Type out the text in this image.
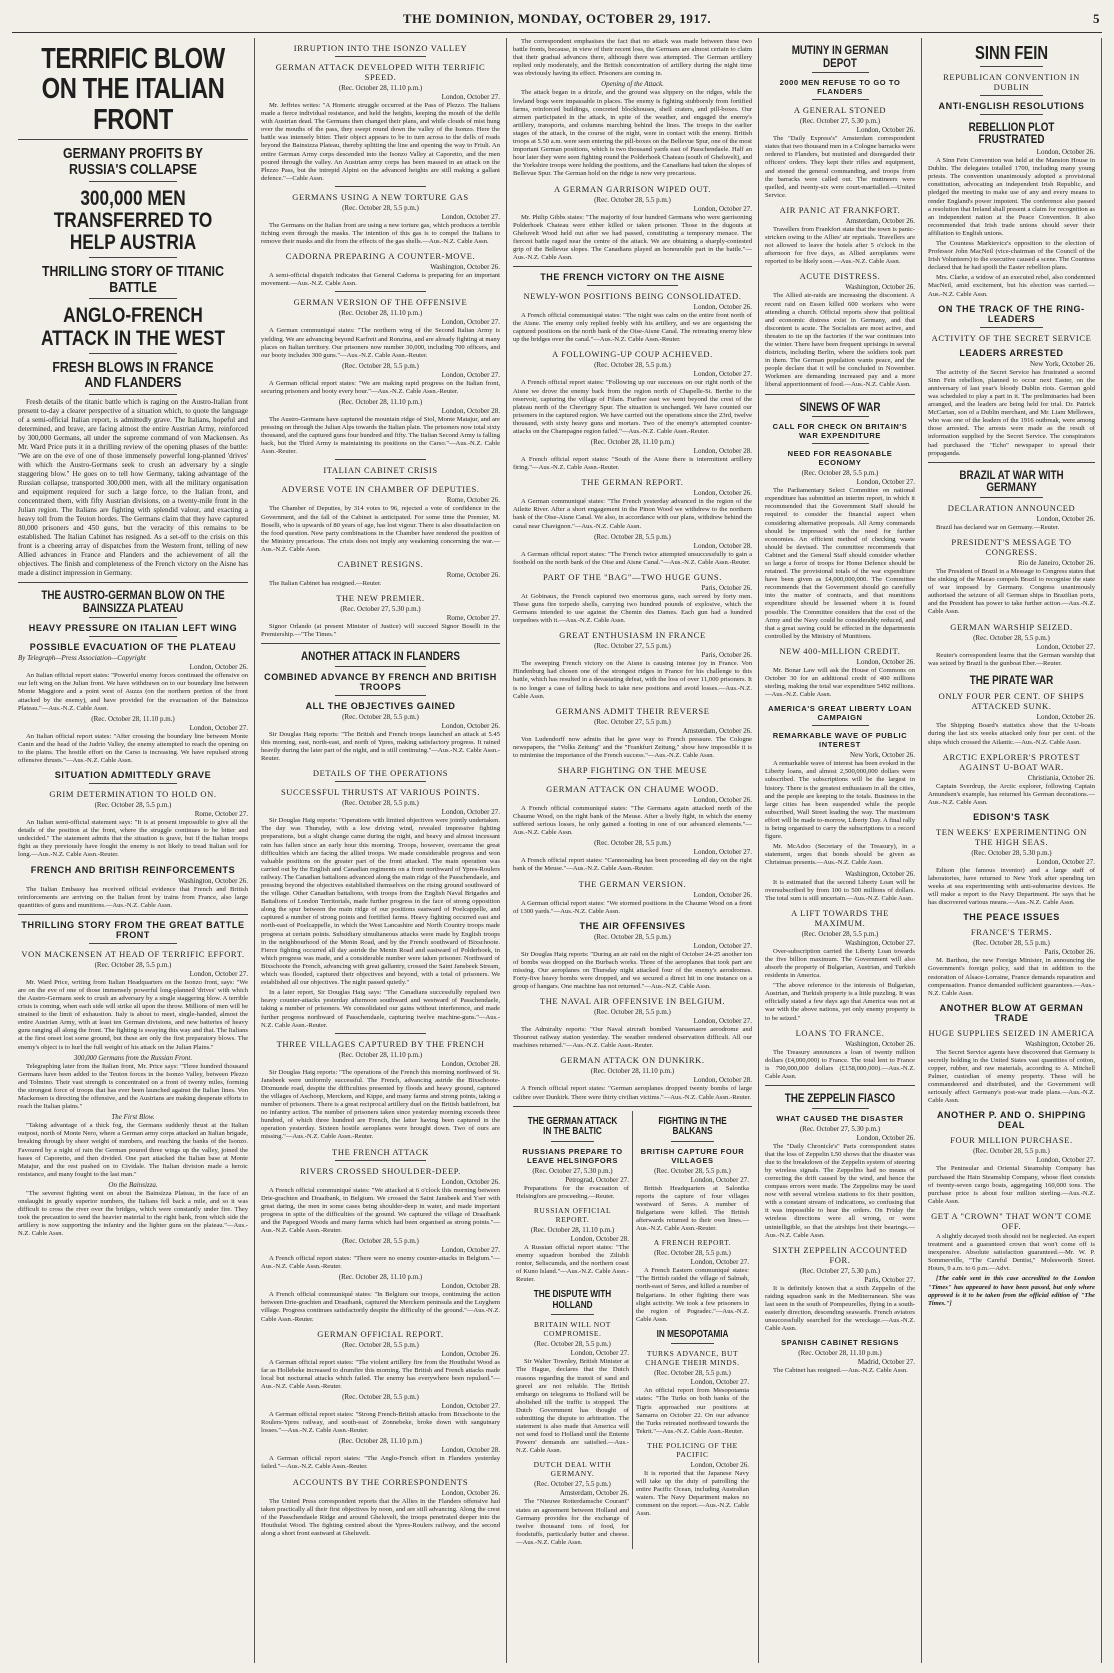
THE DOMINION, MONDAY, OCTOBER 29, 1917.	5
TERRIFIC BLOW ON THE ITALIAN FRONT
GERMANY PROFITS BY RUSSIA'S COLLAPSE
300,000 MEN TRANSFERRED TO HELP AUSTRIA
THRILLING STORY OF TITANIC BATTLE
ANGLO-FRENCH ATTACK IN THE WEST
FRESH BLOWS IN FRANCE AND FLANDERS

Fresh details of the titanic battle which is raging on the Austro-Italian front present to-day a clearer perspective of a situation which, to quote the language of a semi-official Italian report, is admittedly grave. The Italians, hopeful and determined, and brave, are facing almost the entire Austrian Army, reinforced by 300,000 Germans, all under the supreme command of von Mackensen. As Mr. Ward Price puts it in a thrilling review of the opening phases of the battle: "We are on the eve of one of those immensely powerful long-planned 'drives' with which the Austro-Germans seek to crush an adversary by a single staggering blow." He goes on to tell how Germany, taking advantage of the Russian collapse, transported 300,000 men, with all the military organisation and equipment required for such a large force, to the Italian front, and concentrated them, with fifty Austrian divisions, on a twenty-mile front in the Julian region. The Italians are fighting with splendid valour, and exacting a heavy toll from the Teuton hordes. The Germans claim that they have captured 80,000 prisoners and 450 guns, but the veracity of this remains to be established. The Italian Cabinet has resigned. As a set-off to the crisis on this front is a cheering array of dispatches from the Western front, telling of new Allied advances in France and Flanders and the achievement of all the objectives. The finish and completeness of the French victory on the Aisne has made a distinct impression in Germany.

THE AUSTRO-GERMAN BLOW ON THE BAINSIZZA PLATEAU
HEAVY PRESSURE ON ITALIAN LEFT WING
POSSIBLE EVACUATION OF THE PLATEAU
By Telegraph—Press Association—Copyright
London, October 26.

An Italian official report states: "Powerful enemy forces continued the offensive on our left wing on the Julian front. We have withdrawn on to our boundary line between Monte Maggiore and a point west of Auzza (on the northern portion of the front attacked by the enemy), and have provided for the evacuation of the Bainsizza Plateau."—Aus.-N.Z. Cable Assn.

(Rec. October 28, 11.10 p.m.)
London, October 27.

An Italian official report states: "After crossing the boundary line between Monte Canin and the head of the Judrio Valley, the enemy attempted to reach the opening on to the plains. The hostile effort on the Carso is increasing. We have repulsed strong offensive thrusts."—Aus.-N.Z. Cable Assn.

SITUATION ADMITTEDLY GRAVE
GRIM DETERMINATION TO HOLD ON.
(Rec. October 28, 5.5 p.m.)
Rome, October 27.

An Italian semi-official statement says: "It is at present impossible to give all the details of the position at the front, where the struggle continues to be bitter and undecided." The statement admits that the situation is grave, but if the Italian troops fight as they previously have fought the enemy is not likely to tread Italian soil for long.—Aus.-N.Z. Cable Assn.-Reuter.

FRENCH AND BRITISH REINFORCEMENTS
Washington, October 26.

The Italian Embassy has received official evidence that French and British reinforcements are arriving on the Italian front by trains from France, also large quantities of guns and munitions.—Aus.-N.Z. Cable Assn.

THRILLING STORY FROM THE GREAT BATTLE FRONT
VON MACKENSEN AT HEAD OF TERRIFIC EFFORT.
(Rec. October 28, 5.5 p.m.)
London, October 27.

Mr. Ward Price, writing from Italian Headquarters on the Isonzo front, says: "We are on the eve of one of those immensely powerful long-planned 'drives' with which the Austro-Germans seek to crush an adversary by a single staggering blow. A terrible crisis is coming, when each side will strike all upon the throw. Millions of men will be strained to the limit of exhaustion. Italy is about to meet, single-handed, almost the entire Austrian Army, with at least ten German divisions, and new batteries of heavy guns ranging all along the front. The fighting is swaying this way and that. The Italians at the first onset lost some ground, but these are only the first preparatory blows. The enemy's object is to hurl the full weight of his attack on the Julian Plains."

300,000 Germans from the Russian Front.

Telegraphing later from the Italian front, Mr. Price says: "Three hundred thousand Germans have been added to the Teuton forces in the Isonzo Valley, between Plezzo and Tolmino. Their vast strength is concentrated on a front of twenty miles, forming the strongest force of troops that has ever been launched against the Italian lines. Von Mackensen is directing the offensive, and the Austrians are making desperate efforts to reach the Italian plains."

The First Blow.

"Taking advantage of a thick fog, the Germans suddenly thrust at the Italian outpost, north of Monte Nero, where a German army corps attacked an Italian brigade, breaking through by sheer weight of numbers, and reaching the banks of the Isonzo. Favoured by a night of rain the German poured three wings up the valley, joined the bases of Caporetto, and then divided. One part attacked the Italian base at Monte Matajur, and the rest pushed on to Cividale. The Italian division made a heroic resistance, and many fought to the last man."

On the Bainsizza.

"The severest fighting went on about the Bainsizza Plateau, in the face of an onslaught in greatly superior numbers, the Italians fell back a mile, and so it was difficult to cross the river over the bridges, which were constantly under fire. They took the precaution to send the heavier material to the right bank, from which side the artillery is now supporting the infantry and the lighter guns on the plateau."—Aus.-N.Z. Cable Assn.

IRRUPTION INTO THE ISONZO VALLEY
GERMAN ATTACK DEVELOPED WITH TERRIFIC SPEED.
(Rec. October 28, 11.10 p.m.)
London, October 27.

Mr. Jeffries writes: "A Homeric struggle occurred at the Pass of Plezzo. The Italians made a fierce individual resistance, and held the heights, keeping the mouth of the defile with Austrian dead. The Germans then changed their plans, and while clouds of mist hung over the mouths of the pass, they swept round down the valley of the Isonzo. Here the battle was intensely bitter. Their object appears to be to turn across to the dells of roads beyond the Bainsizza Plateau, thereby splitting the line and opening the way to Friuli. An entire German Army corps descended into the Isonzo Valley at Caporetto, and the men poured through the valley. An Austrian army corps has been massed in an attack on the Plezzo Pass, but the intrepid Alpini on the advanced heights are still making a gallant defence."—Cable Assn.

GERMANS USING A NEW TORTURE GAS
(Rec. October 28, 5.5 p.m.)
London, October 27.

The Germans on the Italian front are using a new torture gas, which produces a terrible itching even through the masks. The intention of this gas is to compel the Italians to remove their masks and die from the effects of the gas shells.—Aus.-N.Z. Cable Assn.

CADORNA PREPARING A COUNTER-MOVE.
Washington, October 26.

A semi-official dispatch indicates that General Cadorna is preparing for an important movement.—Aus.-N.Z. Cable Assn.

GERMAN VERSION OF THE OFFENSIVE
(Rec. October 28, 11.10 p.m.)
London, October 27.

A German communiqué states: "The northern wing of the Second Italian Army is yielding. We are advancing beyond Karfreit and Ronzina, and are already fighting at many places on Italian territory. Our prisoners now number 30,000, including 700 officers, and our booty includes 300 guns."—Aus.-N.Z. Cable Assn.-Reuter.

(Rec. October 28, 5.5 p.m.)
London, October 27.

A German official report states: "We are making rapid progress on the Italian front, securing prisoners and booty every hour."—Aus.-N.Z. Cable Assn.-Reuter.

(Rec. October 28, 11.10 p.m.)
London, October 28.

The Austro-Germans have captured the mountain ridge of Stol, Monte Matajur, and are pressing on through the Julian Alps towards the Italian plain. The prisoners now total sixty thousand, and the captured guns four hundred and fifty. The Italian Second Army is falling back, but the Third Army is maintaining its positions on the Carso."—Aus.-N.Z. Cable Assn.-Reuter.

ITALIAN CABINET CRISIS
ADVERSE VOTE IN CHAMBER OF DEPUTIES.
Rome, October 26.

The Chamber of Deputies, by 314 votes to 96, rejected a vote of confidence in the Government, and the fall of the Cabinet is anticipated. For some time the Premier, M. Boselli, who is upwards of 80 years of age, has lost vigour. There is also dissatisfaction on the food question. New party combinations in the Chamber have rendered the position of the Ministry precarious. The crisis does not imply any weakening concerning the war.—Aus.-N.Z. Cable Assn.

CABINET RESIGNS.
Rome, October 26.

The Italian Cabinet has resigned.—Reuter.

THE NEW PREMIER.
(Rec. October 27, 5.30 p.m.)
Rome, October 27.

Signor Orlando (at present Minister of Justice) will succeed Signor Boselli in the Premiership.—"The Times."

ANOTHER ATTACK IN FLANDERS
COMBINED ADVANCE BY FRENCH AND BRITISH TROOPS
ALL THE OBJECTIVES GAINED
(Rec. October 28, 5.5 p.m.)
London, October 26.

Sir Douglas Haig reports: "The British and French troops launched an attack at 5.45 this morning, east, north-east, and north of Ypres, making satisfactory progress. It rained heavily during the later part of the night, and is still continuing."—Aus.-N.Z. Cable Assn.-Reuter.

DETAILS OF THE OPERATIONS
SUCCESSFUL THRUSTS AT VARIOUS POINTS.
(Rec. October 28, 5.5 p.m.)
London, October 27.

Sir Douglas Haig reports: "Operations with limited objectives were jointly undertaken. The day was Thursday, with a low driving wind, revealed impressive fighting preparations, but a slight change came during the night, and heavy and almost incessant rain has fallen since an early hour this morning. Troops, however, overcame the great difficulties which are facing the allied troops. We made considerable progress and won valuable positions on the greater part of the front attacked. The main operation was carried out by the English and Canadian regiments on a front northward of Ypres-Roulers railway. The Canadian battalions advanced along the main ridge of the Passchendaele, and pressing beyond the objectives established themselves on the rising ground southward of the village. Other Canadian battalions, with troops from the English Naval Brigades and Battalions of London Territorials, made further progress in the face of strong opposition along the spur between the main ridge of our positions eastward of Poelcappelle, and captured a number of strong points and fortified farms. Heavy fighting occurred east and north-east of Poelcappelle, in which the West Lancashire and North Country troops made progress at certain points. Subsidiary simultaneous attacks were made by English troops in the neighbourhood of the Menin Road, and by the French southward of Bixschoote. Fierce fighting occurred all day astride the Menin Road and eastward of Polderhoek, in which progress was made, and a considerable number were taken prisoner. Northward of Bixschoote the French, advancing with great gallantry, crossed the Saint Jansbeek Stream, which was flooded, captured their objectives and beyond, with a total of prisoners. We established all our objectives. The night passed quietly."

In a later report, Sir Douglas Haig says: "The Canadians successfully repulsed two heavy counter-attacks yesterday afternoon southward and westward of Passchendaele, taking a number of prisoners. We consolidated our gains without interference, and made further progress northward of Passchendaele, capturing twelve machine-guns."—Aus.-N.Z. Cable Assn.-Reuter.

THREE VILLAGES CAPTURED BY THE FRENCH
(Rec. October 28, 11.10 p.m.)
London, October 28.

Sir Douglas Haig reports: "The operations of the French this morning northward of St. Jansbeek were uniformly successful. The French, advancing astride the Bixschoote-Dixmunde road, despite the difficulties presented by floods and heavy ground, captured the villages of Aschoop, Merckem, and Kippe, and many farms and strong points, taking a number of prisoners. There is a great reciprocal artillery duel on the British battlefront, but no infantry action. The number of prisoners taken since yesterday morning exceeds three hundred, of which three hundred are French, the latter having been captured in the operation yesterday. Sixteen hostile aeroplanes were brought down. Two of ours are missing."—Aus.-N.Z. Cable Assn.-Reuter.

THE FRENCH ATTACK
RIVERS CROSSED SHOULDER-DEEP.
London, October 26.

A French official communiqué states: "We attacked at 6 o'clock this morning between Drie-grachten and Draaibank, in Belgium. We crossed the Saint Jansbeek and Yser with great daring, the men in some cases being shoulder-deep in water, and made important progress in spite of the difficulties of the ground. We captured the village of Draaibank and the Papegoed Woods and many farms which had been organised as strong points."—Aus.-N.Z. Cable Assn.-Reuter.

(Rec. October 28, 5.5 p.m.)
London, October 27.

A French official report states: "There were no enemy counter-attacks in Belgium."—Aus.-N.Z. Cable Assn.-Reuter.

(Rec. October 28, 11.10 p.m.)
London, October 28.

A French official communiqué states: "In Belgium our troops, continuing the action between Drie-grachten and Draaibank, captured the Merckem peninsula and the Luyghem village. Progress continues satisfactorily despite the difficulty of the ground."—Aus.-N.Z. Cable Assn.-Reuter.

GERMAN OFFICIAL REPORT.
(Rec. October 28, 5.5 p.m.)
London, October 26.

A German official report states: "The violent artillery fire from the Houthulst Wood as far as Hollebeke increased to drumfire this morning. The British and French attacks made local but nocturnal attacks which failed. The enemy has everywhere been repulsed."—Aus.-N.Z. Cable Assn.-Reuter.

(Rec. October 28, 5.5 p.m.)
London, October 27.

A German official report states: "Strong French-British attacks from Bixschoote to the Roulers-Ypres railway, and south-east of Zonnebeke, broke down with sanguinary losses."—Aus.-N.Z. Cable Assn.-Reuter.

(Rec. October 28, 11.10 p.m.)
London, October 28.

A German official report states: "The Anglo-French effort in Flanders yesterday failed."—Aus.-N.Z. Cable Assn.-Reuter.

ACCOUNTS BY THE CORRESPONDENTS
London, October 26.

The United Press correspondent reports that the Allies in the Flanders offensive had taken practically all their first objectives by noon, and are still advancing. Along the crest of the Passchendaele Ridge and around Gheluvelt, the troops penetrated deeper into the Houthulst Wood. The fighting centred about the Ypres-Roulers railway, and the second along a short front eastward at Gheluvelt.

The correspondent emphasises the fact that no attack was made between these two battle fronts, because, in view of their recent loss, the Germans are almost certain to claim that their gradual advances there, although there was attempted. The German artillery replied only moderately, and the British concentration of artillery during the night time was obviously having its effect. Prisoners are coming in.

Opening of the Attack.

The attack began in a drizzle, and the ground was slippery on the ridges, while the lowland bogs were impassable in places. The enemy is fighting stubbornly from fortified farms, reinforced buildings, concreted blockhouses, shell craters, and pill-boxes. Our airmen participated in the attack, in spite of the weather, and engaged the enemy's artillery, transports, and columns marching behind the lines. The troops in the earlier stages of the attack, in the course of the night, were in contact with the enemy. British troops at 5.50 a.m. were seen entering the pill-boxes on the Bellevue Spur, one of the most important German positions, which is two thousand yards east of Passchendaele. Half an hour later they were seen fighting round the Polderhoek Chateau (south of Gheluvelt), and the Yorkshire troops were holding the positions, and the Canadians had taken the slopes of Bellevue Spur. The German hold on the ridge is now very precarious.

A GERMAN GARRISON WIPED OUT.
(Rec. October 28, 5.5 p.m.)
London, October 27.

Mr. Philip Gibbs states: "The majority of four hundred Germans who were garrisoning Polderhoek Chateau were either killed or taken prisoner. Those in the dugouts at Gheluvelt Wood held out after we had passed, constituting a temporary menace. The fiercest battle raged near the centre of the attack. We are obtaining a sharply-contested grip of the Bellevue slopes. The Canadians played an honourable part in the battle."—Aus.-N.Z. Cable Assn.

THE FRENCH VICTORY ON THE AISNE
NEWLY-WON POSITIONS BEING CONSOLIDATED.
London, October 26.

A French official communiqué states: "The night was calm on the entire front north of the Aisne. The enemy only replied feebly with his artillery, and we are organising the captured positions on the north bank of the Oise-Aisne Canal. The retreating enemy blew up the bridges over the canal."—Aus.-N.Z. Cable Assn.-Reuter.

A FOLLOWING-UP COUP ACHIEVED.
(Rec. October 28, 5.5 p.m.)
London, October 27.

A French official report states: "Following up our successes on our right north of the Aisne we drove the enemy back from the region north of Chapelle-St. Berthe to the reservoir, capturing the village of Filain. Further east we went beyond the crest of the plateau north of the Chevrigny Spur. The situation is unchanged. We have counted our prisoners in the captured region. We have carried out the operations since the 23rd, twelve thousand, with sixty heavy guns and mortars. Two of the enemy's attempted counter-attacks on the Champagne region failed."—Aus.-N.Z. Cable Assn.-Reuter.

(Rec. October 28, 11.10 p.m.)
London, October 28.

A French official report states: "South of the Aisne there is intermittent artillery firing."—Aus.-N.Z. Cable Assn.-Reuter.

THE GERMAN REPORT.
London, October 26.

A German communiqué states: "The French yesterday advanced in the region of the Ailette River. After a short engagement in the Pinon Wood we withdrew to the northern bank of the Oise-Aisne Canal. We also, in accordance with our plans, withdrew behind the canal near Chavignon."—Aus.-N.Z. Cable Assn.

(Rec. October 28, 5.5 p.m.)
London, October 28.

A German official report states: "The French twice attempted unsuccessfully to gain a foothold on the north bank of the Oise and Aisne Canal."—Aus.-N.Z. Cable Assn.-Reuter.

PART OF THE "BAG"—TWO HUGE GUNS.
Paris, October 26.

At Gobinaux, the French captured two enormous guns, each served by forty men. These guns fire torpedo shells, carrying two hundred pounds of explosive, which the Germans intended to use against the Chemin des Dames. Each gun had a hundred torpedoes with it.—Aus.-N.Z. Cable Assn.

GREAT ENTHUSIASM IN FRANCE
(Rec. October 27, 5.5 p.m.)
Paris, October 26.

The sweeping French victory on the Aisne is causing intense joy in France. Von Hindenburg had chosen one of the strongest ridges in France for his challenge to this battle, which has resulted in a devastating defeat, with the loss of over 11,000 prisoners. It is no longer a case of falling back to take new positions and avoid losses.—Aus.-N.Z. Cable Assn.

GERMANS ADMIT THEIR REVERSE
(Rec. October 27, 5.5 p.m.)
Amsterdam, October 26.

Von Ludendorff now admits that he gave way to French pressure. The Cologne newspapers, the "Volks Zeitung" and the "Frankfurt Zeitung," show how impossible it is to minimise the importance of the French success."—Aus.-N.Z. Cable Assn.

SHARP FIGHTING ON THE MEUSE
GERMAN ATTACK ON CHAUME WOOD.
London, October 26.

A French official communiqué states: "The Germans again attacked north of the Chaume Wood, on the right bank of the Meuse. After a lively fight, in which the enemy suffered serious losses, he only gained a footing in one of our advanced elements."—Aus.-N.Z. Cable Assn.

(Rec. October 28, 5.5 p.m.)
London, October 27.

A French official report states: "Cannonading has been proceeding all day on the right bank of the Meuse."—Aus.-N.Z. Cable Assn.-Reuter.

THE GERMAN VERSION.
London, October 26.

A German official report states: "We stormed positions in the Chaume Wood on a front of 1300 yards."—Aus.-N.Z. Cable Assn.

THE AIR OFFENSIVES
(Rec. October 28, 5.5 p.m.)
London, October 27.

Sir Douglas Haig reports: "During an air raid on the night of October 24-25 another ton of bombs was dropped on the Burbach works. Three of the aeroplanes that took part are missing. Our aeroplanes on Thursday night attacked four of the enemy's aerodromes. Forty-five heavy bombs were dropped, and we secured a direct hit in one instance on a group of hangars. One machine has not returned."—Aus.-N.Z. Cable Assn.

THE NAVAL AIR OFFENSIVE IN BELGIUM.
(Rec. October 28, 5.5 p.m.)
London, October 27.

The Admiralty reports: "Our Naval aircraft bombed Varssenaere aerodrome and Thourout railway station yesterday. The weather rendered observation difficult. All our machines returned."—Aus.-N.Z. Cable Assn.-Reuter.

GERMAN ATTACK ON DUNKIRK.
(Rec. October 28, 11.10 p.m.)
London, October 28.

A French official report states: "German aeroplanes dropped twenty bombs of large calibre over Dunkirk. There were thirty civilian victims."—Aus.-N.Z. Cable Assn.-Reuter.

THE GERMAN ATTACK IN THE BALTIC
RUSSIANS PREPARE TO LEAVE HELSINGFORS
(Rec. October 27, 5.30 p.m.)
Petrograd, October 27.

Preparations for the evacuation of Helsingfors are proceeding.—Reuter.

RUSSIAN OFFICIAL REPORT.
(Rec. October 28, 11.10 p.m.)
London, October 28.

A Russian official report states: "The enemy squadron bombed the Zilisbli rontor, Seliscumda, and the northern coast of Kuno Island."—Aus.-N.Z. Cable Assn.-Reuter.

THE DISPUTE WITH HOLLAND
BRITAIN WILL NOT COMPROMISE.
(Rec. October 28, 5.5 p.m.)
London, October 27.

Sir Walter Townley, British Minister at The Hague, declares that the Dutch reasons regarding the transit of sand and gravel are not reliable. The British embargo on telegrams to Holland will be abolished till the traffic is stopped. The Dutch Government has thought of submitting the dispute to arbitration. The statement is also made that America will not send food to Holland until the Entente Powers' demands are satisfied.—Aus.-N.Z. Cable Assn.

DUTCH DEAL WITH GERMANY.
(Rec. October 27, 5.5 p.m.)
Amsterdam, October 26.

The "Nieuwe Rotterdamsche Courant" states an agreement between Holland and Germany provides for the exchange of twelve thousand tons of food, for foodstuffs, particularly butter and cheese.—Aus.-N.Z. Cable Assn.

FIGHTING IN THE BALKANS
BRITISH CAPTURE FOUR VILLAGES
(Rec. October 28, 5.5 p.m.)
London, October 27.

British Headquarters at Salonika reports the capture of four villages westward of Seres. A number of Bulgarians were killed. The British afterwards returned to their own lines.—Aus.-N.Z. Cable Assn.-Reuter.

A FRENCH REPORT.
(Rec. October 28, 5.5 p.m.)
London, October 27.

A French Eastern communiqué states: "The British raided the village of Salmah, north-east of Seres, and killed a number of Bulgarians. In other fighting there was slight activity. We took a few prisoners in the region of Pogradec."—Aus.-N.Z. Cable Assn.

IN MESOPOTAMIA
TURKS ADVANCE, BUT CHANGE THEIR MINDS.
(Rec. October 28, 5.5 p.m.)
London, October 27.

An official report from Mesopotamia states: "The Turks on both banks of the Tigris approached our positions at Samarra on October 22. On our advance the Turks retreated northward towards the Tekrit."—Aus.-N.Z. Cable Assn.-Reuter.

THE POLICING OF THE PACIFIC
London, October 26.

It is reported that the Japanese Navy will take up the duty of patrolling the entire Pacific Ocean, including Australian waters. The Navy Department makes no comment on the report.—Aus.-N.Z. Cable Assn.

MUTINY IN GERMAN DEPOT
2000 MEN REFUSE TO GO TO FLANDERS
A GENERAL STONED
(Rec. October 27, 5.30 p.m.)
London, October 26.

The "Daily Express's" Amsterdam correspondent states that two thousand men in a Cologne barracks were ordered to Flanders, but mutinied and disregarded their officers' orders. They kept their rifles and equipment, and stoned the general commanding, and troops from the barracks were called out. The mutineers were quelled, and twenty-six were court-martialled.—United Service.

AIR PANIC AT FRANKFORT.
Amsterdam, October 26.

Travellers from Frankfort state that the town is panic-stricken owing to the Allies' air reprisals. Travellers are not allowed to leave the hotels after 5 o'clock in the afternoon for five days, as Allied aeroplanes were reported to be likely soon.—Aus.-N.Z. Cable Assn.

ACUTE DISTRESS.
Washington, October 26.

The Allied air-raids are increasing the discontent. A recent raid on Essen killed 600 workers who were attending a church. Official reports show that political and economic distress exist in Germany, and that discontent is acute. The Socialists are most active, and threaten to tie up the factories if the war continues into the winter. There have been frequent uprisings in several districts, including Berlin, where the soldiers took part in them. The German population wants peace, and the people declare that it will be concluded in November. Workmen are demanding increased pay and a more liberal apportionment of food.—Aus.-N.Z. Cable Assn.

SINEWS OF WAR
CALL FOR CHECK ON BRITAIN'S WAR EXPENDITURE
NEED FOR REASONABLE ECONOMY
(Rec. October 28, 5.5 p.m.)
London, October 27.

The Parliamentary Select Committee on national expenditure has submitted an interim report, in which it recommended that the Government Staff should be required to consider the financial aspect when considering alternative proposals. All Army commands should be impressed with the need for further economies. An efficient method of checking waste should be devised. The committee recommends that Cabinet and the General Staff should consider whether so large a force of troops for Home Defence should be retained. The provisional totals of the war expenditure have been given as £4,000,000,000. The Committee recommends that the Government should go carefully into the matter of contracts, and that munitions expenditure should be lessened where it is found possible. The Committee considers that the cost of the Army and the Navy could be considerably reduced, and that a great saving could be effected in the departments controlled by the Ministry of Munitions.

NEW 400-MILLION CREDIT.
London, October 26.

Mr. Bonar Law will ask the House of Commons on October 30 for an additional credit of 400 millions sterling, making the total war expenditure 5492 millions.—Aus.-N.Z. Cable Assn.

AMERICA'S GREAT LIBERTY LOAN CAMPAIGN
REMARKABLE WAVE OF PUBLIC INTEREST
New York, October 26.

A remarkable wave of interest has been evoked in the Liberty loans, and almost 2,500,000,000 dollars were subscribed. The subscriptions will be the largest in history. There is the greatest enthusiasm in all the cities, and the people are keeping to the totals. Business in the large cities has been suspended while the people subscribed, Wall Street leading the way. The maximum effort will be made to-morrow, Liberty Day. A final rally is being organised to carry the subscriptions to a record figure.

Mr. McAdoo (Secretary of the Treasury), in a statement, urges that bonds should be given as Christmas presents.—Aus.-N.Z. Cable Assn.

Washington, October 26.

It is estimated that the second Liberty Loan will be oversubscribed by from 100 to 500 millions of dollars. The total sum is still uncertain.—Aus.-N.Z. Cable Assn.

A LIFT TOWARDS THE MAXIMUM.
(Rec. October 28, 5.5 p.m.)
Washington, October 27.

Over-subscription carried the Liberty Loan towards the five billion maximum. The Government will also absorb the property of Bulgarian, Austrian, and Turkish residents in America.

"The above reference to the interests of Bulgarian, Austrian, and Turkish property is a little puzzling. It was officially stated a few days ago that America was not at war with the above nations, yet only enemy property is to be seized."

LOANS TO FRANCE.
Washington, October 26.

The Treasury announces a loan of twenty million dollars (£4,000,000) to France. The total lent to France is 790,000,000 dollars (£158,000,000).—Aus.-N.Z. Cable Assn.

THE ZEPPELIN FIASCO
WHAT CAUSED THE DISASTER
(Rec. October 27, 5.30 p.m.)
London, October 26.

The "Daily Chronicle's" Paris correspondent states that the loss of Zeppelin L50 shows that the disaster was due to the breakdown of the Zeppelin system of steering by wireless signals. The Zeppelins had no means of correcting the drift caused by the wind, and hence the compass errors were made. The Zeppelins may be used now with several wireless stations to fix their position, with a constant stream of indications, so confusing that it was impossible to hear the orders. On Friday the wireless directions were all wrong, or were unintelligible, so that the airships lost their bearings.—Aus.-N.Z. Cable Assn.

SIXTH ZEPPELIN ACCOUNTED FOR.
(Rec. October 27, 5.30 p.m.)
Paris, October 27.

It is definitely known that a sixth Zeppelin of the raiding squadron sank in the Mediterranean. She was last seen in the south of Pompeurelles, flying in a south-easterly direction, descending seawards. French aviators unsuccessfully searched for the wreckage.—Aus.-N.Z. Cable Assn.

SPANISH CABINET RESIGNS
(Rec. October 28, 11.10 p.m.)
Madrid, October 27.

The Cabinet has resigned.—Aus.-N.Z. Cable Assn.

SINN FEIN
REPUBLICAN CONVENTION IN DUBLIN
ANTI-ENGLISH RESOLUTIONS
REBELLION PLOT FRUSTRATED
London, October 26.

A Sinn Fein Convention was held at the Mansion House in Dublin. The delegates totalled 1700, including many young priests. The convention unanimously adopted a provisional constitution, advocating an independent Irish Republic, and pledged the meeting to make use of any and every means to render England's power impotent. The conference also passed a resolution that Ireland shall present a claim for recognition as an independent nation at the Peace Convention. It also recommended that Irish trade unions should sever their affiliation to English unions.

The Countess Markievicz's opposition to the election of Professor John MacNeil (vice-chairman of the Council of the Irish Volunteers) to the executive caused a scene. The Countess declared that he had spoilt the Easter rebellion plans.

Mrs. Clarke, a widow of an executed rebel, also condemned MacNeil, amid excitement, but his election was carried.—Aus.-N.Z. Cable Assn.

ON THE TRACK OF THE RING-LEADERS
ACTIVITY OF THE SECRET SERVICE
LEADERS ARRESTED
New York, October 26.

The activity of the Secret Service has frustrated a second Sinn Fein rebellion, planned to occur next Easter, on the anniversary of last year's bloody Dublin riots. German gold was scheduled to play a part in it. The preliminaries had been arranged, and the leaders are being held for trial. Dr. Patrick McCartan, son of a Dublin merchant, and Mr. Liam Mellowes, who was one of the leaders of the 1916 outbreak, were among those arrested. The arrests were made as the result of information supplied by the Secret Service. The conspirators had purchased the "Echo" newspaper to spread their propaganda.

BRAZIL AT WAR WITH GERMANY
DECLARATION ANNOUNCED
London, October 26.

Brazil has declared war on Germany.—Reuter.

PRESIDENT'S MESSAGE TO CONGRESS.
Rio de Janeiro, October 26.

The President of Brazil in a Message to Congress states that the sinking of the Macao compels Brazil to recognise the state of war imposed by Germany. Congress unanimously authorised the seizure of all German ships in Brazilian ports, and the President has power to take further action.—Aus.-N.Z. Cable Assn.

GERMAN WARSHIP SEIZED.
(Rec. October 28, 5.5 p.m.)
London, October 27.

Reuter's correspondent learns that the German warship that was seized by Brazil is the gunboat Eber.—Reuter.

THE PIRATE WAR
ONLY FOUR PER CENT. OF SHIPS ATTACKED SUNK.
London, October 26.

The Shipping Board's statistics show that the U-boats during the last six weeks attacked only four per cent. of the ships which crossed the Atlantic.—Aus.-N.Z. Cable Assn.

ARCTIC EXPLORER'S PROTEST AGAINST U-BOAT WAR.
Christiania, October 26.

Captain Sverdrup, the Arctic explorer, following Captain Amundsen's example, has returned his German decorations.—Aus.-N.Z. Cable Assn.

EDISON'S TASK
TEN WEEKS' EXPERIMENTING ON THE HIGH SEAS.
(Rec. October 28, 5.30 p.m.)
London, October 27.

Edison (the famous inventor) and a large staff of laboratories, have returned to New York after spending ten weeks at sea experimenting with anti-submarine devices. He will make a report to the Navy Department. He says that he has discovered various means.—Aus.-N.Z. Cable Assn.

THE PEACE ISSUES
FRANCE'S TERMS.
(Rec. October 28, 5.5 p.m.)
Paris, October 26.

M. Barthou, the new Foreign Minister, in announcing the Government's foreign policy, said that in addition to the restoration of Alsace-Lorraine, France demands reparation and compensation. France demanded sufficient guarantees.—Aus.-N.Z. Cable Assn.

ANOTHER BLOW AT GERMAN TRADE
HUGE SUPPLIES SEIZED IN AMERICA
Washington, October 26.

The Secret Service agents have discovered that Germany is secretly holding in the United States vast quantities of cotton, copper, rubber, and raw materials, according to A. Mitchell Palmer, custodian of enemy property. These will be commandeered and distributed, and the Government will seriously affect Germany's post-war trade plans.—Aus.-N.Z. Cable Assn.

ANOTHER P. AND O. SHIPPING DEAL
FOUR MILLION PURCHASE.
(Rec. October 28, 5.5 p.m.)
London, October 27.

The Peninsular and Oriental Steamship Company has purchased the Hain Steamship Company, whose fleet consists of twenty-seven cargo boats, aggregating 160,000 tons. The purchase price is about four million sterling.—Aus.-N.Z. Cable Assn.

GET A "CROWN" THAT WON'T COME OFF.

A slightly decayed tooth should not be neglected. An expert treatment and a guaranteed crown that won't come off is inexpensive. Absolute satisfaction guaranteed.—Mr. W. P. Sommerville, "The Careful Dentist," Molesworth Street. Hours, 9 a.m. to 6 p.m.—Advt.

[The cable sent in this case accredited to the London "Times" has appeared to have been passed, but only where approved is it to be taken from the official edition of "The Times."]
